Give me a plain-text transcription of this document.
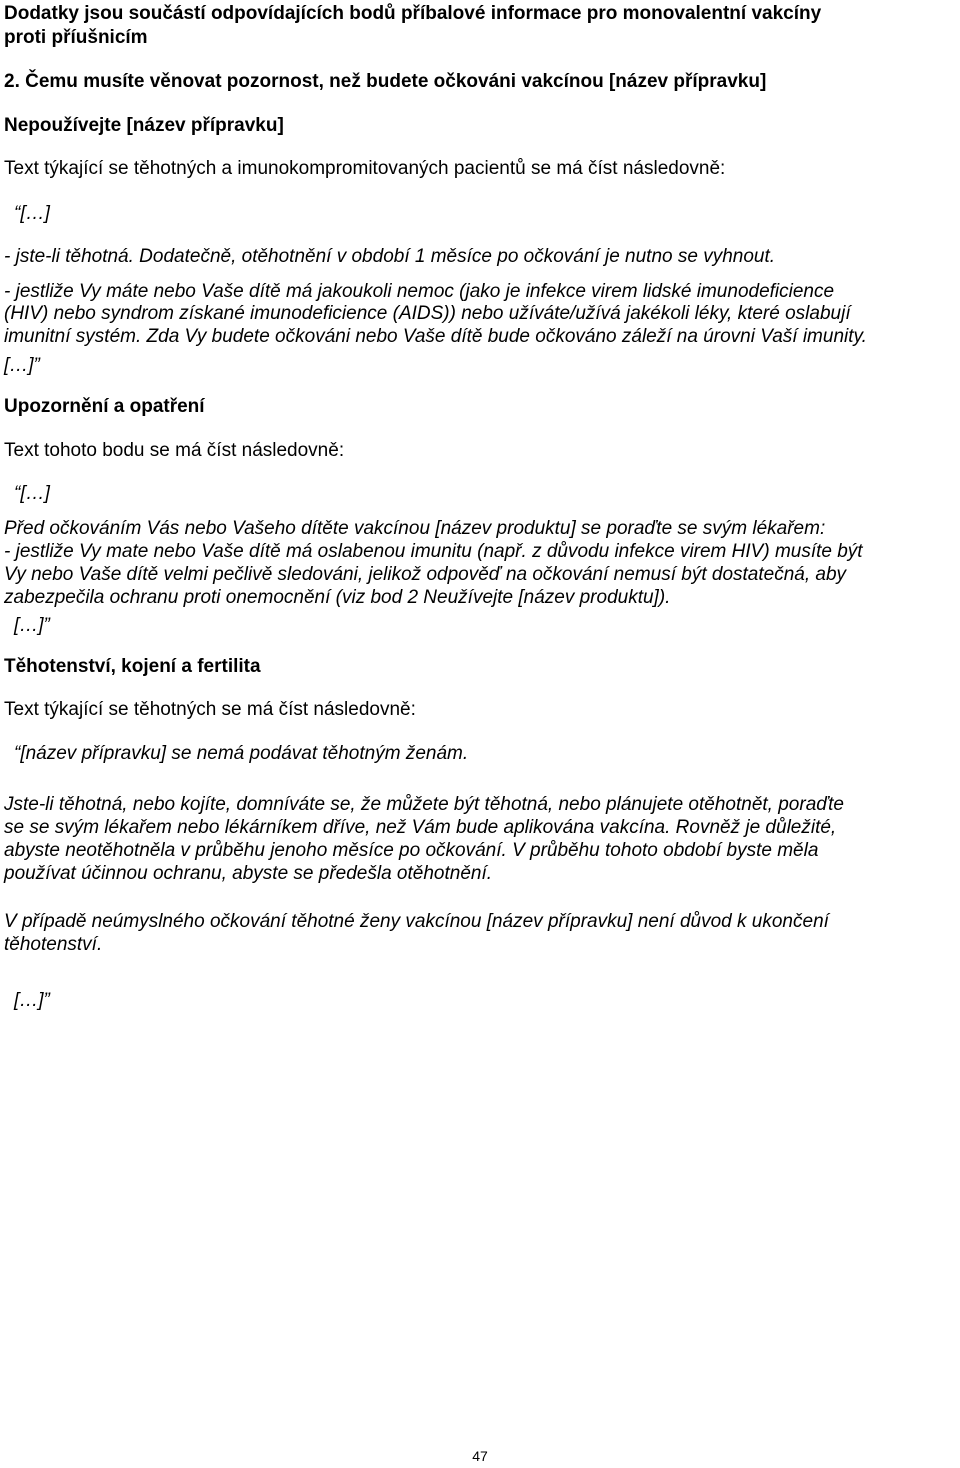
Dodatky jsou součástí odpovídajících bodů příbalové informace pro monovalentní vakcíny
proti příušnicím
2. Čemu musíte věnovat pozornost, než budete očkováni vakcínou [název přípravku]
Nepoužívejte [název přípravku]
Text týkající se těhotných a imunokompromitovaných pacientů se má číst následovně:
“[…]
- jste-li těhotná. Dodatečně, otěhotnění v období 1 měsíce po očkování je nutno se vyhnout.
- jestliže Vy máte nebo Vaše dítě má jakoukoli nemoc (jako je infekce virem lidské imunodeficience
(HIV) nebo syndrom získané imunodeficience (AIDS)) nebo užíváte/užívá jakékoli léky, které oslabují
imunitní systém. Zda Vy budete očkováni nebo Vaše dítě bude očkováno záleží na úrovni Vaší imunity.
[…]”
Upozornění a opatření
Text tohoto bodu se má číst následovně:
“[…]
Před očkováním Vás nebo Vašeho dítěte vakcínou [název produktu] se poraďte se svým lékařem:
- jestliže Vy mate nebo Vaše dítě má oslabenou imunitu (např. z důvodu infekce virem HIV) musíte být
Vy nebo Vaše dítě velmi pečlivě sledováni, jelikož odpověď na očkování nemusí být dostatečná, aby
zabezpečila ochranu proti onemocnění (viz bod 2 Neužívejte [název produktu]).
[…]”
Těhotenství, kojení a fertilita
Text týkající se těhotných se má číst následovně:
“[název přípravku] se nemá podávat těhotným ženám.
Jste-li těhotná, nebo kojíte, domníváte se, že můžete být těhotná, nebo plánujete otěhotnět, poraďte
se se svým lékařem nebo lékárníkem dříve, než Vám bude aplikována vakcína. Rovněž je důležité,
abyste neotěhotněla v průběhu jenoho měsíce po očkování. V průběhu tohoto období byste měla
používat účinnou ochranu, abyste se předešla otěhotnění.
V případě neúmyslného očkování těhotné ženy vakcínou [název přípravku] není důvod k ukončení
těhotenství.
[…]”
47
